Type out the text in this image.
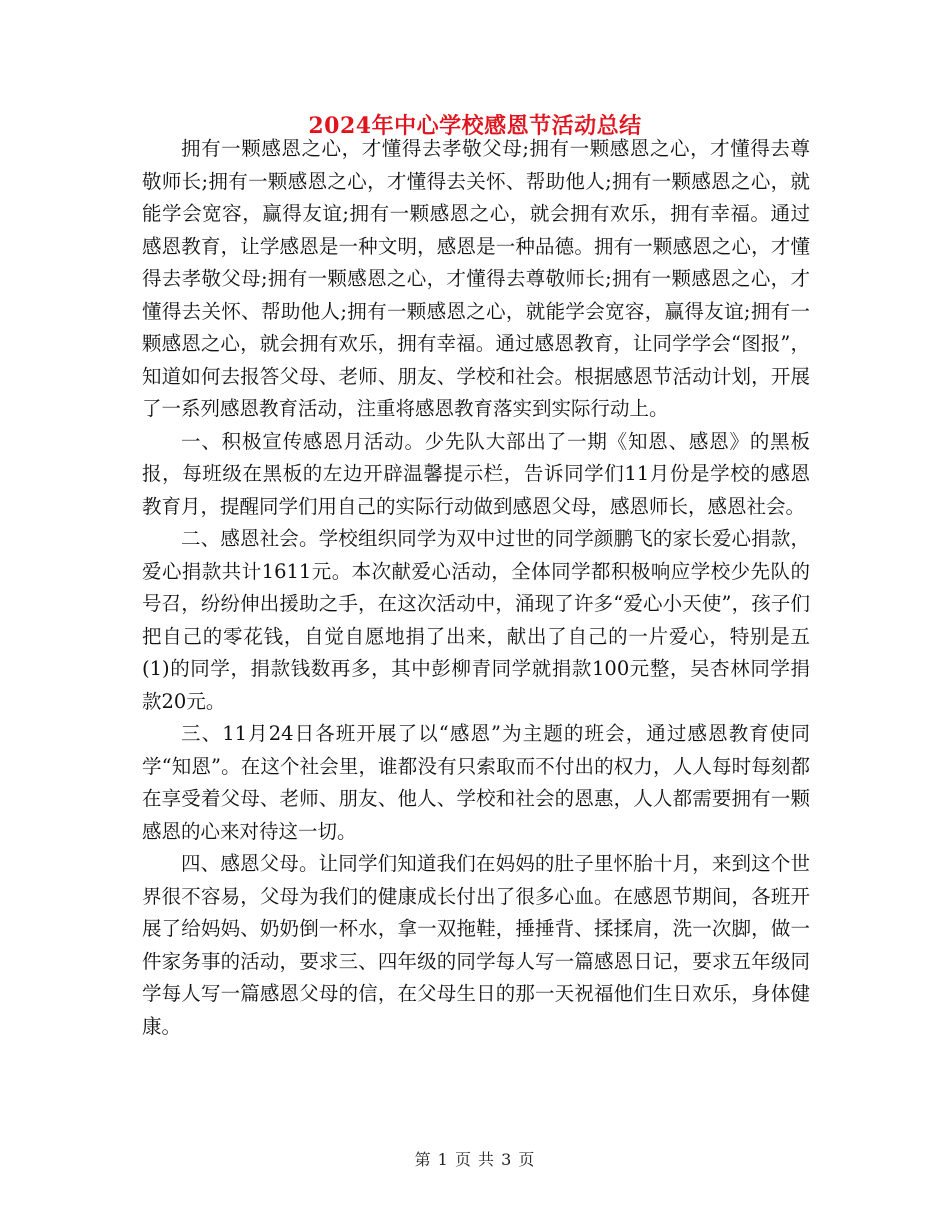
2024年中心学校感恩节活动总结

拥有一颗感恩之心，才懂得去孝敬父母;拥有一颗感恩之心，才懂得去尊敬师长;拥有一颗感恩之心，才懂得去关怀、帮助他人;拥有一颗感恩之心，就能学会宽容，赢得友谊;拥有一颗感恩之心，就会拥有欢乐，拥有幸福。通过感恩教育，让学感恩是一种文明，感恩是一种品德。拥有一颗感恩之心，才懂得去孝敬父母;拥有一颗感恩之心，才懂得去尊敬师长;拥有一颗感恩之心，才懂得去关怀、帮助他人;拥有一颗感恩之心，就能学会宽容，赢得友谊;拥有一颗感恩之心，就会拥有欢乐，拥有幸福。通过感恩教育，让同学学会“图报”，知道如何去报答父母、老师、朋友、学校和社会。根据感恩节活动计划，开展了一系列感恩教育活动，注重将感恩教育落实到实际行动上。

一、积极宣传感恩月活动。少先队大部出了一期《知恩、感恩》的黑板报，每班级在黑板的左边开辟温馨提示栏，告诉同学们11月份是学校的感恩教育月，提醒同学们用自己的实际行动做到感恩父母，感恩师长，感恩社会。

二、感恩社会。学校组织同学为双中过世的同学颜鹏飞的家长爱心捐款，爱心捐款共计1611元。本次献爱心活动，全体同学都积极响应学校少先队的号召，纷纷伸出援助之手，在这次活动中，涌现了许多“爱心小天使”，孩子们把自己的零花钱，自觉自愿地捐了出来，献出了自己的一片爱心，特别是五(1)的同学，捐款钱数再多，其中彭柳青同学就捐款100元整，吴杏林同学捐款20元。

三、11月24日各班开展了以“感恩”为主题的班会，通过感恩教育使同学“知恩”。在这个社会里，谁都没有只索取而不付出的权力，人人每时每刻都在享受着父母、老师、朋友、他人、学校和社会的恩惠，人人都需要拥有一颗感恩的心来对待这一切。

四、感恩父母。让同学们知道我们在妈妈的肚子里怀胎十月，来到这个世界很不容易，父母为我们的健康成长付出了很多心血。在感恩节期间，各班开展了给妈妈、奶奶倒一杯水，拿一双拖鞋，捶捶背、揉揉肩，洗一次脚，做一件家务事的活动，要求三、四年级的同学每人写一篇感恩日记，要求五年级同学每人写一篇感恩父母的信，在父母生日的那一天祝福他们生日欢乐，身体健康。

第 1 页 共 3 页
